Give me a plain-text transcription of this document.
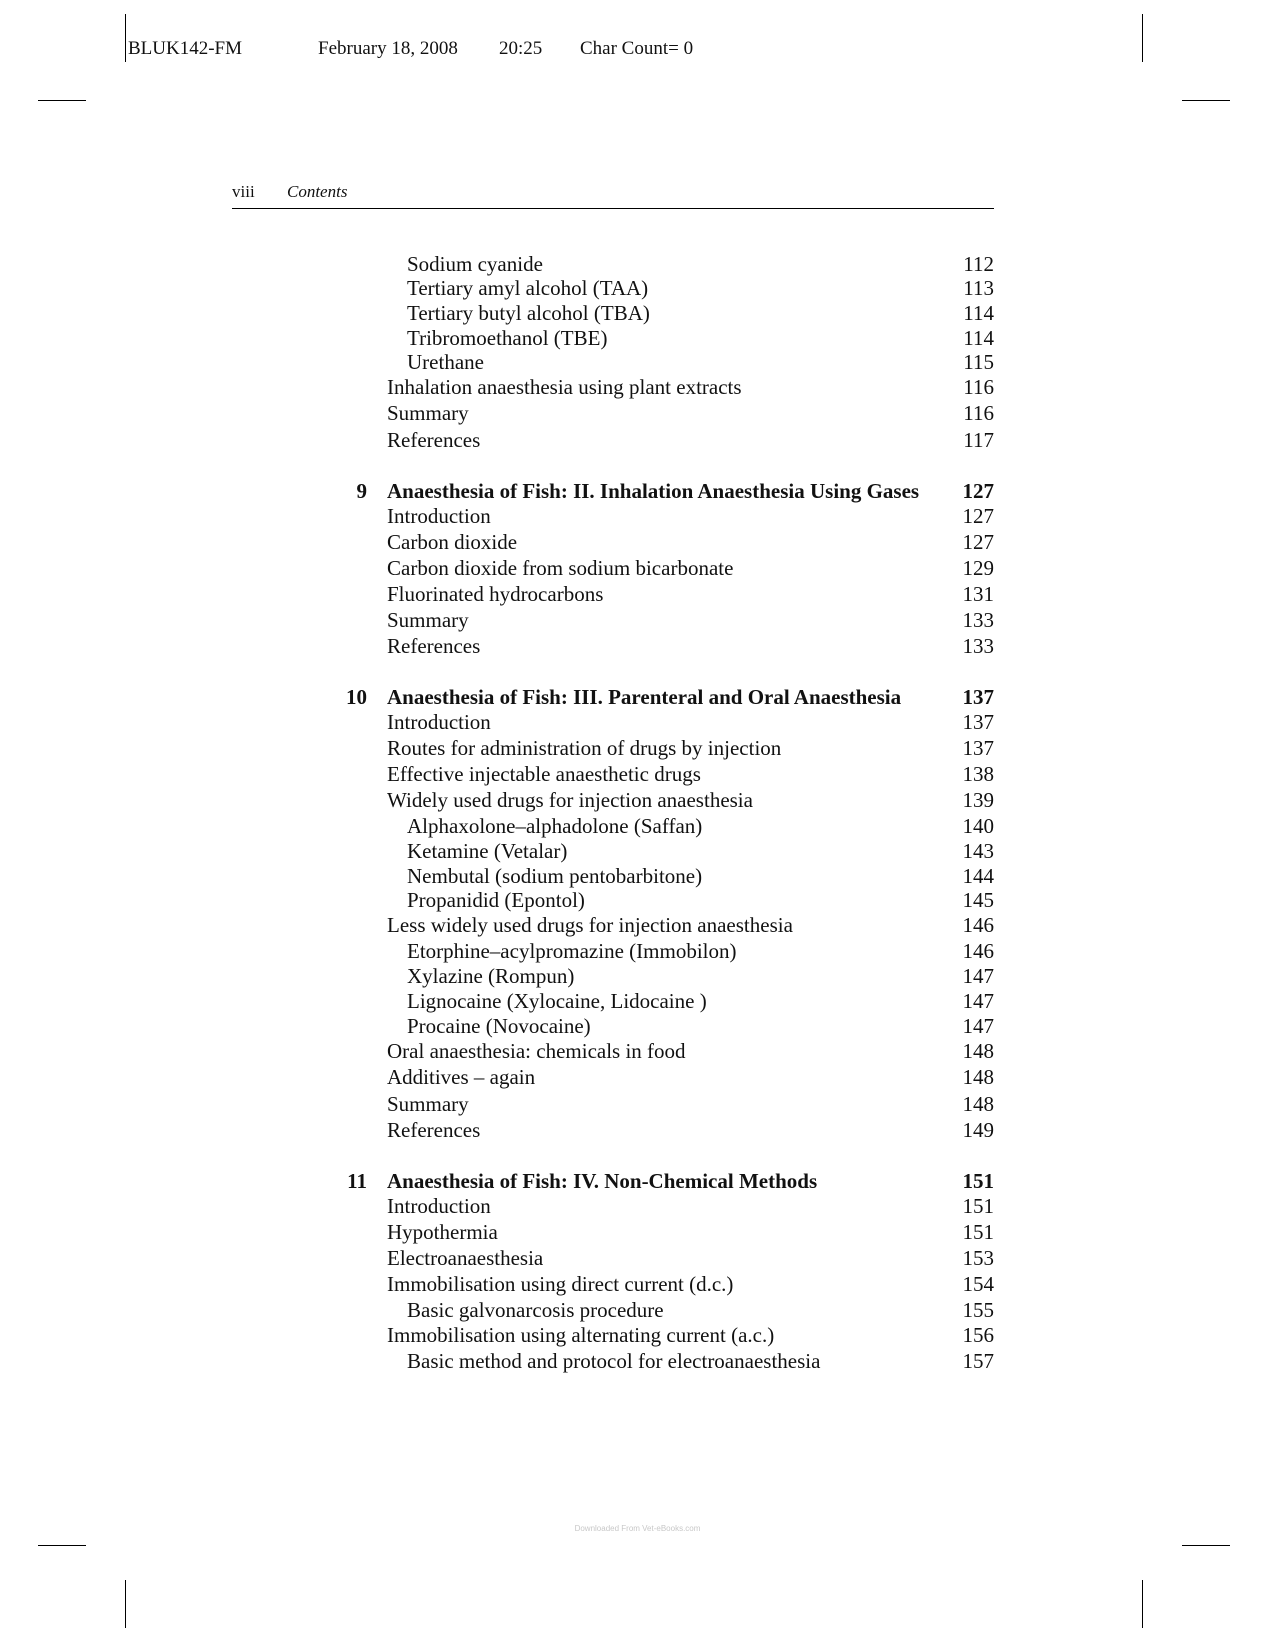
BLUK142-FM	February 18, 2008 20:25 Char Count= 0
viii Contents
Sodium cyanide	112
Tertiary amyl alcohol (TAA)	113
Tertiary butyl alcohol (TBA)	114
Tribromoethanol (TBE)	114
Urethane	115
Inhalation anaesthesia using plant extracts	116
Summary	116
References	117
9 Anaesthesia of Fish: II. Inhalation Anaesthesia Using Gases	127
Introduction	127
Carbon dioxide	127
Carbon dioxide from sodium bicarbonate	129
Fluorinated hydrocarbons	131
Summary	133
References	133
10 Anaesthesia of Fish: III. Parenteral and Oral Anaesthesia	137
Introduction	137
Routes for administration of drugs by injection	137
Effective injectable anaesthetic drugs	138
Widely used drugs for injection anaesthesia	139
Alphaxolone–alphadolone (Saffan)	140
Ketamine (Vetalar)	143
Nembutal (sodium pentobarbitone)	144
Propanidid (Epontol)	145
Less widely used drugs for injection anaesthesia	146
Etorphine–acylpromazine (Immobilon)	146
Xylazine (Rompun)	147
Lignocaine (Xylocaine, Lidocaine )	147
Procaine (Novocaine)	147
Oral anaesthesia: chemicals in food	148
Additives – again	148
Summary	148
References	149
11 Anaesthesia of Fish: IV. Non-Chemical Methods	151
Introduction	151
Hypothermia	151
Electroanaesthesia	153
Immobilisation using direct current (d.c.)	154
Basic galvonarcosis procedure	155
Immobilisation using alternating current (a.c.)	156
Basic method and protocol for electroanaesthesia	157
Downloaded From Vet-eBooks.com
